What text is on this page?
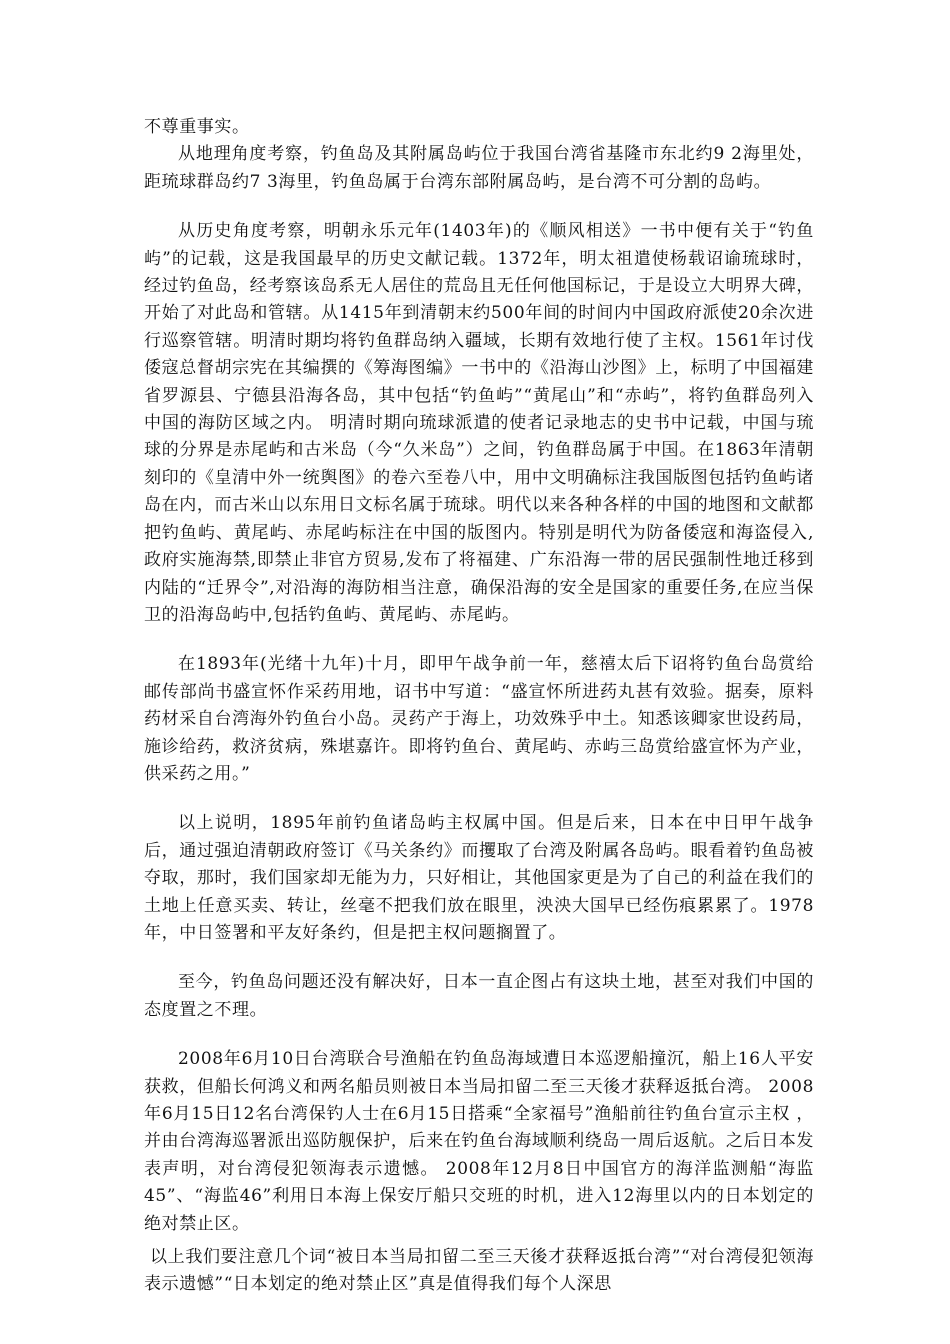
不尊重事实。

从地理角度考察，钓鱼岛及其附属岛屿位于我国台湾省基隆市东北约9 2海里处，距琉球群岛约7 3海里，钓鱼岛属于台湾东部附属岛屿，是台湾不可分割的岛屿。

从历史角度考察，明朝永乐元年(1403年)的《顺风相送》一书中便有关于“钓鱼屿”的记载，这是我国最早的历史文献记载。1372年，明太祖遣使杨载诏谕琉球时，经过钓鱼岛，经考察该岛系无人居住的荒岛且无任何他国标记，于是设立大明界大碑，开始了对此岛和管辖。从1415年到清朝末约500年间的时间内中国政府派使20余次进行巡察管辖。明清时期均将钓鱼群岛纳入疆域，长期有效地行使了主权。1561年讨伐倭寇总督胡宗宪在其编撰的《筹海图编》一书中的《沿海山沙图》上，标明了中国福建省罗源县、宁德县沿海各岛，其中包括“钓鱼屿”“黄尾山”和“赤屿”，将钓鱼群岛列入中国的海防区域之内。 明清时期向琉球派遣的使者记录地志的史书中记载，中国与琉球的分界是赤尾屿和古米岛（今“久米岛”）之间，钓鱼群岛属于中国。在1863年清朝刻印的《皇清中外一统舆图》的卷六至卷八中，用中文明确标注我国版图包括钓鱼屿诸岛在内，而古米山以东用日文标名属于琉球。明代以来各种各样的中国的地图和文献都把钓鱼屿、黄尾屿、赤尾屿标注在中国的版图内。特别是明代为防备倭寇和海盗侵入,政府实施海禁,即禁止非官方贸易,发布了将福建、广东沿海一带的居民强制性地迁移到内陆的“迁界令”,对沿海的海防相当注意，确保沿海的安全是国家的重要任务,在应当保卫的沿海岛屿中,包括钓鱼屿、黄尾屿、赤尾屿。

在1893年(光绪十九年)十月，即甲午战争前一年，慈禧太后下诏将钓鱼台岛赏给邮传部尚书盛宣怀作采药用地，诏书中写道：“盛宣怀所进药丸甚有效验。据奏，原料药材采自台湾海外钓鱼台小岛。灵药产于海上，功效殊乎中土。知悉该卿家世设药局，施诊给药，救济贫病，殊堪嘉许。即将钓鱼台、黄尾屿、赤屿三岛赏给盛宣怀为产业，供采药之用。”

以上说明，1895年前钓鱼诸岛屿主权属中国。但是后来，日本在中日甲午战争后，通过强迫清朝政府签订《马关条约》而攫取了台湾及附属各岛屿。眼看着钓鱼岛被夺取，那时，我们国家却无能为力，只好相让，其他国家更是为了自己的利益在我们的土地上任意买卖、转让，丝毫不把我们放在眼里，泱泱大国早已经伤痕累累了。1978年，中日签署和平友好条约，但是把主权问题搁置了。

至今，钓鱼岛问题还没有解决好，日本一直企图占有这块土地，甚至对我们中国的态度置之不理。

2008年6月10日台湾联合号渔船在钓鱼岛海域遭日本巡逻船撞沉，船上16人平安获救，但船长何鸿义和两名船员则被日本当局扣留二至三天後才获释返抵台湾。 2008年6月15日12名台湾保钓人士在6月15日搭乘“全家福号”渔船前往钓鱼台宣示主权 ，并由台湾海巡署派出巡防舰保护，后来在钓鱼台海域顺利绕岛一周后返航。之后日本发表声明，对台湾侵犯领海表示遗憾。 2008年12月8日中国官方的海洋监测船“海监45”、“海监46”利用日本海上保安厅船只交班的时机，进入12海里以内的日本划定的绝对禁止区。

以上我们要注意几个词“被日本当局扣留二至三天後才获释返抵台湾”“对台湾侵犯领海表示遗憾”“日本划定的绝对禁止区”真是值得我们每个人深思
